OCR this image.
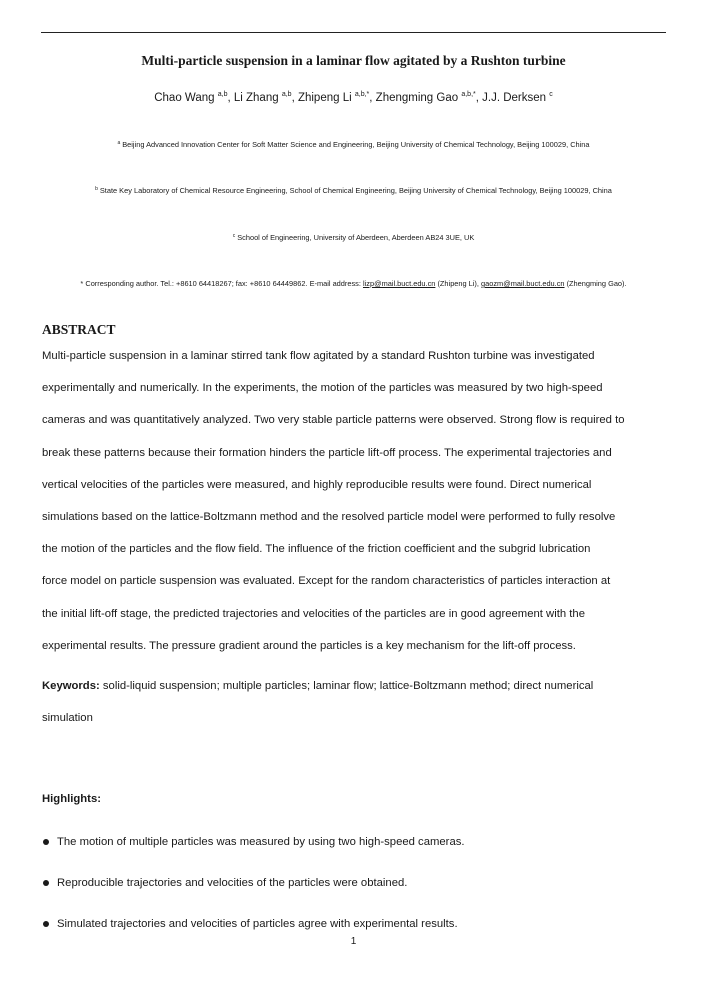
Multi-particle suspension in a laminar flow agitated by a Rushton turbine
Chao Wang $^{a,b}$, Li Zhang $^{a,b}$, Zhipeng Li $^{a,b,*}$, Zhengming Gao $^{a,b,*}$, J.J. Derksen $^c$
$^a$ Beijing Advanced Innovation Center for Soft Matter Science and Engineering, Beijing University of Chemical Technology, Beijing 100029, China
$^b$ State Key Laboratory of Chemical Resource Engineering, School of Chemical Engineering, Beijing University of Chemical Technology, Beijing 100029, China
$^c$ School of Engineering, University of Aberdeen, Aberdeen AB24 3UE, UK
* Corresponding author. Tel.: +8610 64418267; fax: +8610 64449862. E-mail address: lizp@mail.buct.edu.cn (Zhipeng Li), gaozm@mail.buct.edu.cn (Zhengming Gao).
ABSTRACT
Multi-particle suspension in a laminar stirred tank flow agitated by a standard Rushton turbine was investigated
experimentally and numerically. In the experiments, the motion of the particles was measured by two high-speed
cameras and was quantitatively analyzed. Two very stable particle patterns were observed. Strong flow is required to
break these patterns because their formation hinders the particle lift-off process. The experimental trajectories and
vertical velocities of the particles were measured, and highly reproducible results were found. Direct numerical
simulations based on the lattice-Boltzmann method and the resolved particle model were performed to fully resolve
the motion of the particles and the flow field. The influence of the friction coefficient and the subgrid lubrication
force model on particle suspension was evaluated. Except for the random characteristics of particles interaction at
the initial lift-off stage, the predicted trajectories and velocities of the particles are in good agreement with the
experimental results. The pressure gradient around the particles is a key mechanism for the lift-off process.
Keywords: solid-liquid suspension; multiple particles; laminar flow; lattice-Boltzmann method; direct numerical
simulation
Highlights:
The motion of multiple particles was measured by using two high-speed cameras.
Reproducible trajectories and velocities of the particles were obtained.
Simulated trajectories and velocities of particles agree with experimental results.
1
